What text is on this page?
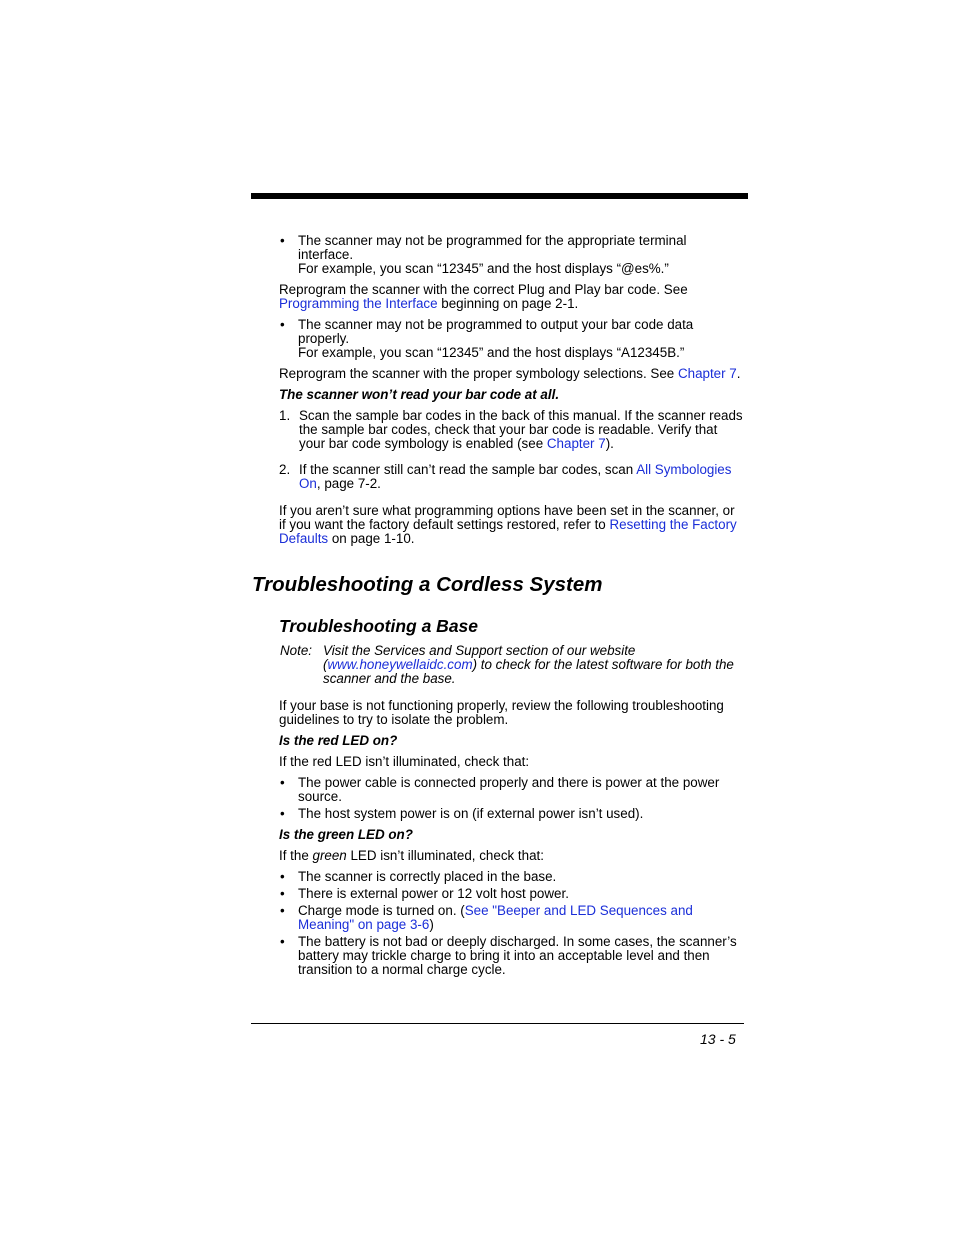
• The scanner may not be programmed for the appropriate terminal interface.

For example, you scan “12345” and the host displays “@es%.”

Reprogram the scanner with the correct Plug and Play bar code. See Programming the Interface beginning on page 2-1.

• The scanner may not be programmed to output your bar code data properly.

For example, you scan “12345” and the host displays “A12345B.”

Reprogram the scanner with the proper symbology selections. See Chapter 7.

The scanner won’t read your bar code at all.

1. Scan the sample bar codes in the back of this manual. If the scanner reads the sample bar codes, check that your bar code is readable. Verify that your bar code symbology is enabled (see Chapter 7).

2. If the scanner still can’t read the sample bar codes, scan All Symbologies On, page 7-2.

If you aren’t sure what programming options have been set in the scanner, or if you want the factory default settings restored, refer to Resetting the Factory Defaults on page 1-10.

Troubleshooting a Cordless System
Troubleshooting a Base
Note: Visit the Services and Support section of our website (www.honeywellaidc.com) to check for the latest software for both the scanner and the base.

If your base is not functioning properly, review the following troubleshooting guidelines to try to isolate the problem.

Is the red LED on?

If the red LED isn’t illuminated, check that:

• The power cable is connected properly and there is power at the power source.

• The host system power is on (if external power isn’t used).

Is the green LED on?

If the green LED isn’t illuminated, check that:

• The scanner is correctly placed in the base.

• There is external power or 12 volt host power.

• Charge mode is turned on. (See "Beeper and LED Sequences and Meaning" on page 3-6)

• The battery is not bad or deeply discharged. In some cases, the scanner’s battery may trickle charge to bring it into an acceptable level and then transition to a normal charge cycle.

13 - 5
